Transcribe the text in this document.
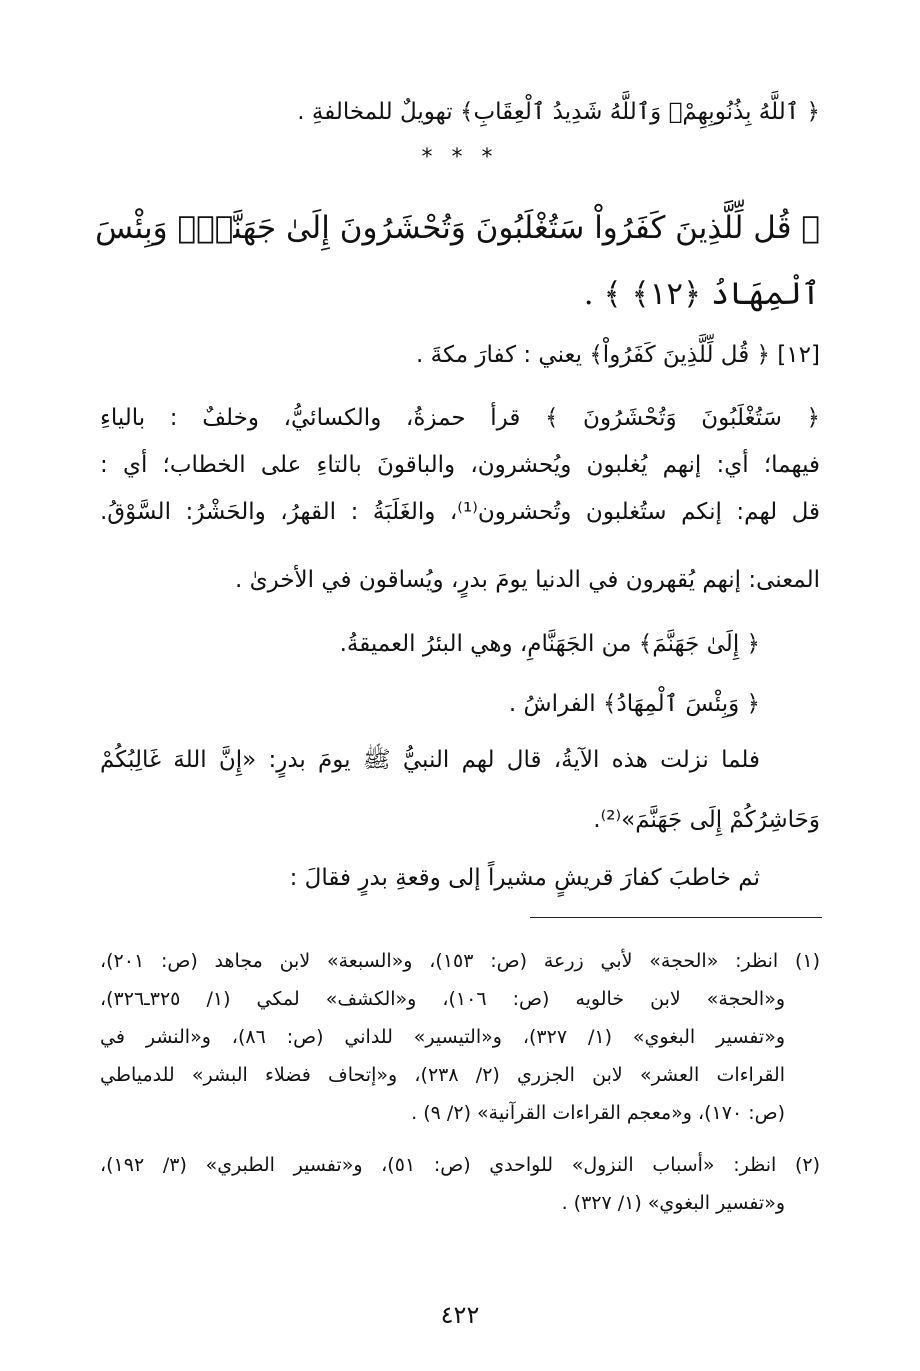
﴿ ٱللَّهُ بِذُنُوبِهِمْۗ وَٱللَّهُ شَدِيدُ ٱلْعِقَابِ﴾ تهويلٌ للمخالفةِ .
* * *
﴿ قُل لِّلَّذِينَ كَفَرُواْ سَتُغْلَبُونَ وَتُحْشَرُونَ إِلَىٰ جَهَنَّمَۖ وَبِئْسَ
ٱلْمِهَادُ ﴿١٢﴾ ﴾ .
[١٢] ﴿ قُل لِّلَّذِينَ كَفَرُواْ﴾ يعني : كفارَ مكةَ .
﴿ سَتُغْلَبُونَ وَتُحْشَرُونَ ﴾ قرأ حمزةُ، والكسائيُّ، وخلفٌ : بالياءِ
فيهما؛ أي: إنهم يُغلبون ويُحشرون، والباقونَ بالتاءِ على الخطاب؛ أي :
قل لهم: إنكم ستُغلبون وتُحشرون⁽¹⁾، والغَلَبَةُ : القهرُ، والحَشْرُ: السَّوْقُ.
المعنى: إنهم يُقهرون في الدنيا يومَ بدرٍ، ويُساقون في الأخرىٰ .
﴿ إِلَىٰ جَهَنَّمَ﴾ من الجَهَنَّامِ، وهي البئرُ العميقةُ.
﴿ وَبِئْسَ ٱلْمِهَادُ﴾ الفراشُ .
فلما نزلت هذه الآيةُ، قال لهم النبيُّ ﷺ يومَ بدرٍ: «إِنَّ اللهَ غَالِبُكُمْ
وَحَاشِرُكُمْ إِلَى جَهَنَّمَ»⁽²⁾.
ثم خاطبَ كفارَ قريشٍ مشيراً إلى وقعةِ بدرٍ فقالَ :
(١) انظر: «الحجة» لأبي زرعة (ص: ١٥٣)، و«السبعة» لابن مجاهد (ص: ٢٠١)،
و«الحجة» لابن خالويه (ص: ١٠٦)، و«الكشف» لمكي (١/ ٣٢٥ـ٣٢٦)،
و«تفسير البغوي» (١/ ٣٢٧)، و«التيسير» للداني (ص: ٨٦)، و«النشر في
القراءات العشر» لابن الجزري (٢/ ٢٣٨)، و«إتحاف فضلاء البشر» للدمياطي
(ص: ١٧٠)، و«معجم القراءات القرآنية» (٢/ ٩) .
(٢) انظر: «أسباب النزول» للواحدي (ص: ٥١)، و«تفسير الطبري» (٣/ ١٩٢)،
و«تفسير البغوي» (١/ ٣٢٧) .
٤٢٢
